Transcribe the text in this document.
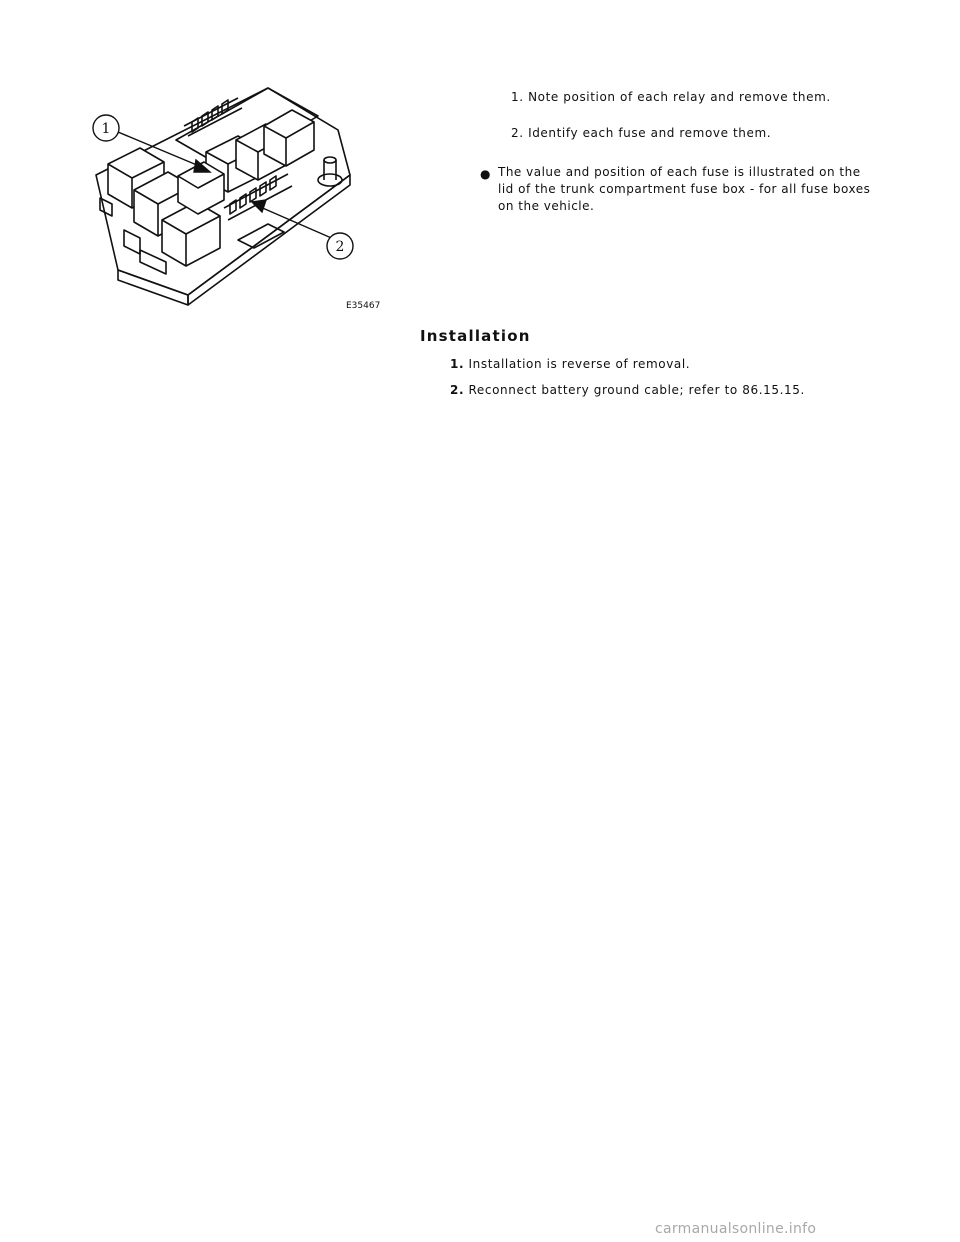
1
2
E35467
1. Note position of each relay and remove them.
2. Identify each fuse and remove them.
● The value and position of each fuse is illustrated on the lid of the trunk compartment fuse box - for all fuse boxes on the vehicle.
Installation
1. Installation is reverse of removal.
2. Reconnect battery ground cable; refer to 86.15.15.
carmanualsonline.info
